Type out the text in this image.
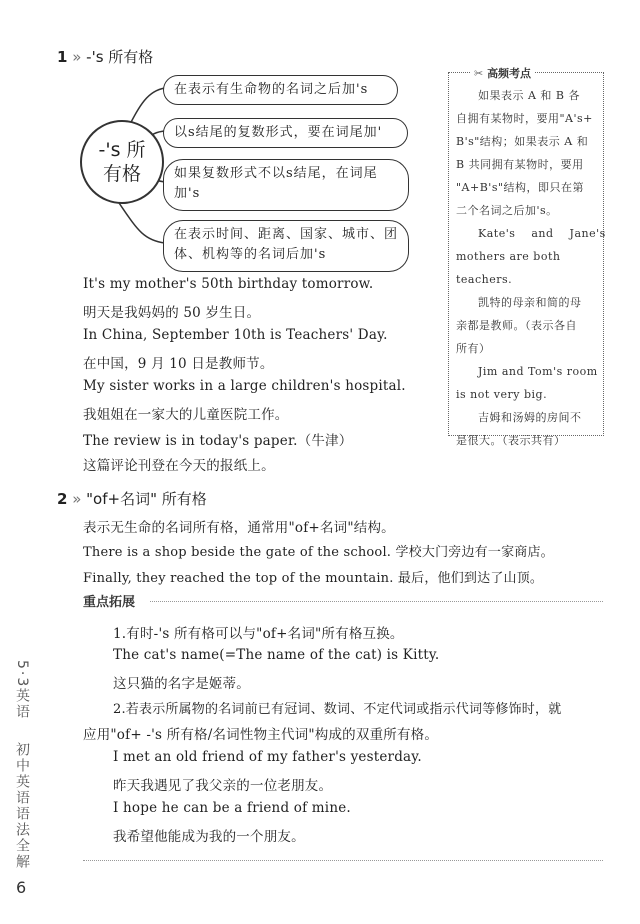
1 » -'s 所有格
-'s 所
有格
在表示有生命物的名词之后加's
以s结尾的复数形式，要在词尾加'
如果复数形式不以s结尾，在词尾加's
在表示时间、距离、国家、城市、团体、机构等的名词后加's
✂ 高频考点
如果表示 A 和 B 各
自拥有某物时，要用"A's+
B's"结构；如果表示 A 和
B 共同拥有某物时，要用
"A+B's"结构，即只在第
二个名词之后加's。
Kate's    and    Jane's
mothers are both teachers.
凯特的母亲和简的母
亲都是教师。（表示各自
所有）
Jim and Tom's room
is not very big.
吉姆和汤姆的房间不
是很大。（表示共有）
It's my mother's 50th birthday tomorrow.
明天是我妈妈的 50 岁生日。
In China, September 10th is Teachers' Day.
在中国，9 月 10 日是教师节。
My sister works in a large children's hospital.
我姐姐在一家大的儿童医院工作。
The review is in today's paper.（牛津）
这篇评论刊登在今天的报纸上。
2 » "of+名词" 所有格
表示无生命的名词所有格，通常用"of+名词"结构。
There is a shop beside the gate of the school. 学校大门旁边有一家商店。
Finally, they reached the top of the mountain. 最后，他们到达了山顶。
重点拓展
1.有时-'s 所有格可以与"of+名词"所有格互换。
The cat's name(=The name of the cat) is Kitty.
这只猫的名字是姬蒂。
2.若表示所属物的名词前已有冠词、数词、不定代词或指示代词等修饰时，就
应用"of+ -'s 所有格/名词性物主代词"构成的双重所有格。
I met an old friend of my father's yesterday.
昨天我遇见了我父亲的一位老朋友。
I hope he can be a friend of mine.
我希望他能成为我的一个朋友。
5·3英语
初中英语语法全解
6
